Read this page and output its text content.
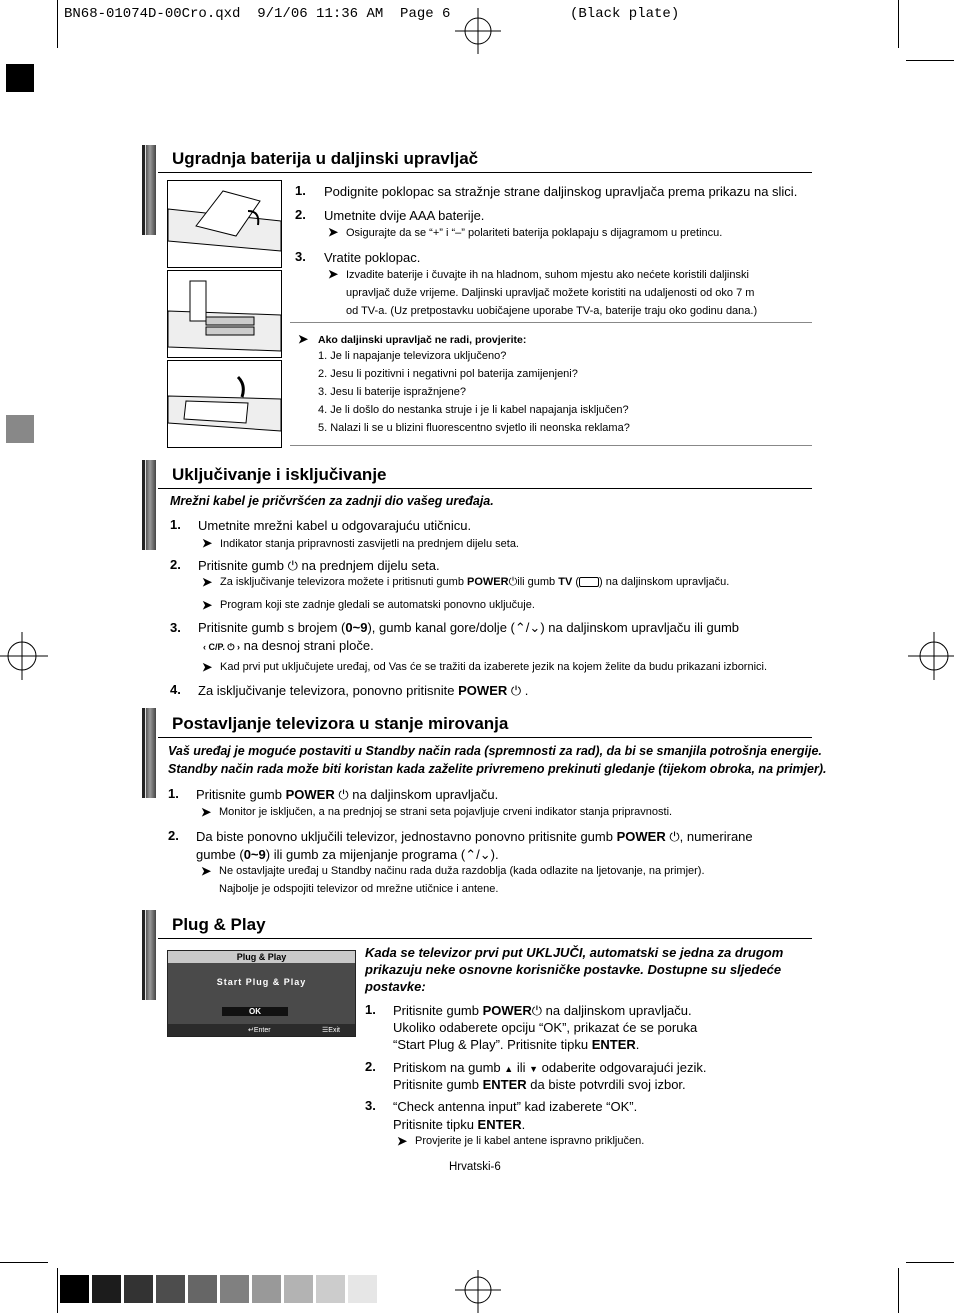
BN68-01074D-00Cro.qxd  9/1/06 11:36 AM  Page 6	(Black plate)
Ugradnja baterija u daljinski upravljač
1. Podignite poklopac sa stražnje strane daljinskog upravljača prema prikazu na slici.
2. Umetnite dvije AAA baterije.
➤ Osigurajte da se “+” i “–” polariteti baterija poklapaju s dijagramom u pretincu.
3. Vratite poklopac.
➤ Izvadite baterije i čuvajte ih na hladnom, suhom mjestu ako nećete koristili daljinski
upravljač duže vrijeme. Daljinski upravljač možete koristiti na udaljenosti od oko 7 m
od TV-a. (Uz pretpostavku uobičajene uporabe TV-a, baterije traju oko godinu dana.)
➤ Ako daljinski upravljač ne radi, provjerite:
1. Je li napajanje televizora uključeno?
2. Jesu li pozitivni i negativni pol baterija zamijenjeni?
3. Jesu li baterije ispražnjene?
4. Je li došlo do nestanka struje i je li kabel napajanja isključen?
5. Nalazi li se u blizini fluorescentno svjetlo ili neonska reklama?
Uključivanje i isključivanje
Mrežni kabel je pričvršćen za zadnji dio vašeg uređaja.
1. Umetnite mrežni kabel u odgovarajuću utičnicu.
➤ Indikator stanja pripravnosti zasvijetli na prednjem dijelu seta.
2. Pritisnite gumb ⏻ na prednjem dijelu seta.
➤ Za isključivanje televizora možete i pritisnuti gumb POWER⏻ili gumb TV ( ) na daljinskom upravljaču.
➤ Program koji ste zadnje gledali se automatski ponovno uključuje.
3. Pritisnite gumb s brojem (0~9), gumb kanal gore/dolje (⌃/⌄) na daljinskom upravljaču ili gumb
‹ C/P. ⏻ › na desnoj strani ploče.
➤ Kad prvi put uključujete uređaj, od Vas će se tražiti da izaberete jezik na kojem želite da budu prikazani izbornici.
4. Za isključivanje televizora, ponovno pritisnite POWER ⏻ .
Postavljanje televizora u stanje mirovanja
Vaš uređaj je moguće postaviti u Standby način rada (spremnosti za rad), da bi se smanjila potrošnja energije.
Standby način rada može biti koristan kada zaželite privremeno prekinuti gledanje (tijekom obroka, na primjer).
1. Pritisnite gumb POWER ⏻ na daljinskom upravljaču.
➤ Monitor je isključen, a na prednjoj se strani seta pojavljuje crveni indikator stanja pripravnosti.
2. Da biste ponovno uključili televizor, jednostavno ponovno pritisnite gumb POWER ⏻, numerirane
gumbe (0~9) ili gumb za mijenjanje programa (⌃/⌄).
➤ Ne ostavljajte uređaj u Standby načinu rada duža razdoblja (kada odlazite na ljetovanje, na primjer).
Najbolje je odspojiti televizor od mrežne utičnice i antene.
Plug & Play
Plug & Play
Start Plug & Play
OK
↵Enter	☰Exit
Kada se televizor prvi put UKLJUČI, automatski se jedna za drugom
prikazuju neke osnovne korisničke postavke. Dostupne su sljedeće
postavke:
1. Pritisnite gumb POWER⏻ na daljinskom upravljaču.
Ukoliko odaberete opciju “OK”, prikazat će se poruka
“Start Plug & Play”. Pritisnite tipku ENTER.
2. Pritiskom na gumb ▲ ili ▼ odaberite odgovarajući jezik.
Pritisnite gumb ENTER da biste potvrdili svoj izbor.
3. “Check antenna input” kad izaberete “OK”.
Pritisnite tipku ENTER.
➤ Provjerite je li kabel antene ispravno priključen.
Hrvatski-6
